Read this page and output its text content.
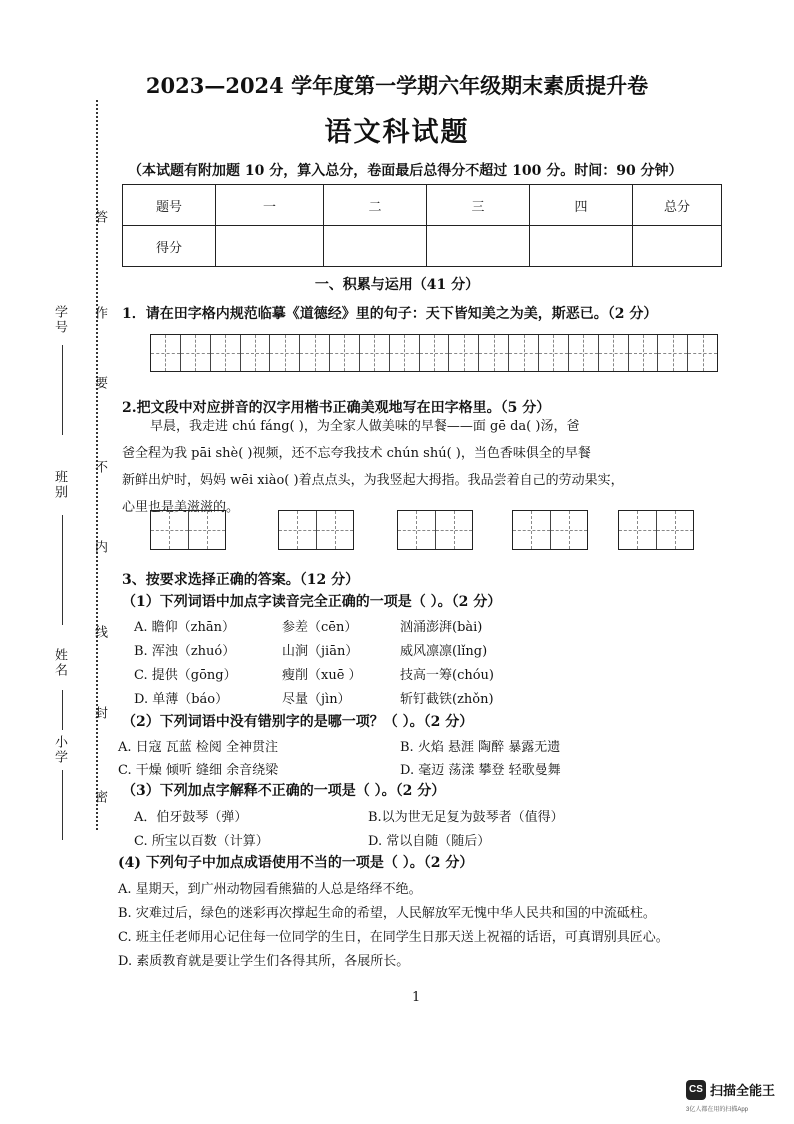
答
作
要
不
内
线
封
密
学号
班别
姓名
小学
2023—2024 学年度第一学期六年级期末素质提升卷
语文科试题
（本试题有附加题 10 分，算入总分，卷面最后总得分不超过 100 分。时间：90 分钟）
题号	一	二	三	四	总分
得分					
一、积累与运用（41 分）
1．请在田字格内规范临摹《道德经》里的句子：天下皆知美之为美，斯恶已。（2 分）
2.把文段中对应拼音的汉字用楷书正确美观地写在田字格里。（5 分）
早晨，我走进 chú fáng( )，为全家人做美味的早餐——面 gē da( )汤，爸
爸全程为我 pāi shè( )视频，还不忘夸我技术 chún shú( )，当色香味俱全的早餐
新鲜出炉时，妈妈 wēi xiào( )着点点头，为我竖起大拇指。我品尝着自己的劳动果实，
心里也是美滋滋的。
3、按要求选择正确的答案。（12 分）
（1）下列词语中加点字读音完全正确的一项是（ ）。（2 分）
A. 瞻仰（zhān）	参差（cēn）	汹涌澎湃(bài)
B. 浑浊（zhuó）	山涧（jiān）	威风凛凛(lǐng)
C. 提供（gōng）	瘦削（xuē ）	技高一筹(chóu)
D. 单薄（báo）	尽量（jìn）	斩钉截铁(zhǒn)
（2）下列词语中没有错别字的是哪一项？（ ）。（2 分）
A. 日寇 瓦蓝 检阅 全神贯注	B. 火焰 悬涯 陶醉 暴露无遗
C. 干燥 倾听 缝细 余音绕梁	D. 毫迈 荡漾 攀登 轻歌曼舞
（3）下列加点字解释不正确的一项是（ ）。（2 分）
A．伯牙鼓琴（弹）	B.以为世无足复为鼓琴者（值得）
C. 所宝以百数（计算）	D. 常以自随（随后）
(4) 下列句子中加点成语使用不当的一项是（ ）。（2 分）
A. 星期天，到广州动物园看熊猫的人总是络绎不绝。
B. 灾难过后，绿色的迷彩再次撑起生命的希望，人民解放军无愧中华人民共和国的中流砥柱。
C. 班主任老师用心记住每一位同学的生日，在同学生日那天送上祝福的话语，可真谓别具匠心。
D. 素质教育就是要让学生们各得其所，各展所长。
1
CS 扫描全能王
3亿人都在用的扫描App
